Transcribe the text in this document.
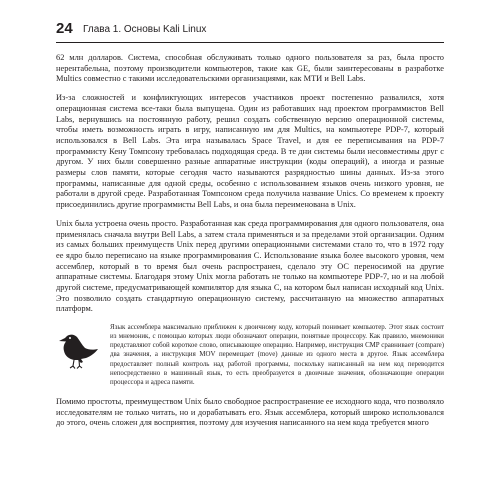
24 Глава 1. Основы Kali Linux

62 млн долларов. Система, способная обслуживать только одного пользователя за раз, была просто нерентабельна, поэтому производители компьютеров, такие как GE, были заинтересованы в разработке Multics совместно с такими исследовательскими организациями, как МТИ и Bell Labs.

Из-за сложностей и конфликтующих интересов участников проект постепенно развалился, хотя операционная система все-таки была выпущена. Один из работавших над проектом программистов Bell Labs, вернувшись на постоянную работу, решил создать собственную версию операционной системы, чтобы иметь возможность играть в игру, написанную им для Multics, на компьютере PDP-7, который использовался в Bell Labs. Эта игра называлась Space Travel, и для ее переписывания на PDP-7 программисту Кену Томпсону требовалась подходящая среда. В те дни системы были несовместимы друг с другом. У них были совершенно разные аппаратные инструкции (коды операций), а иногда и разные размеры слов памяти, которые сегодня часто называются разрядностью шины данных. Из-за этого программы, написанные для одной среды, особенно с использованием языков очень низкого уровня, не работали в другой среде. Разработанная Томпсоном среда получила название Unics. Со временем к проекту присоединились другие программисты Bell Labs, и она была переименована в Unix.

Unix была устроена очень просто. Разработанная как среда программирования для одного пользователя, она применялась сначала внутри Bell Labs, а затем стала применяться и за пределами этой организации. Одним из самых больших преимуществ Unix перед другими операционными системами стало то, что в 1972 году ее ядро было переписано на языке программирования С. Использование языка более высокого уровня, чем ассемблер, который в то время был очень распространен, сделало эту ОС переносимой на другие аппаратные системы. Благодаря этому Unix могла работать не только на компьютере PDP-7, но и на любой другой системе, предусматривающей компилятор для языка С, на котором был написан исходный код Unix. Это позволило создать стандартную операционную систему, рассчитанную на множество аппаратных платформ.

Язык ассемблера максимально приближен к двоичному коду, который понимает компьютер. Этот язык состоит из мнемоник, с помощью которых люди обозначают операции, понятные процессору. Как правило, мнемоники представляют собой короткое слово, описывающее операцию. Например, инструкция CMP сравнивает (compare) два значения, а инструкция MOV перемещает (move) данные из одного места в другое. Язык ассемблера предоставляет полный контроль над работой программы, поскольку написанный на нем код переводится непосредственно в машинный язык, то есть преобразуется в двоичные значения, обозначающие операции процессора и адреса памяти.

Помимо простоты, преимуществом Unix было свободное распространение ее исходного кода, что позволяло исследователям не только читать, но и дорабатывать его. Язык ассемблера, который широко использовался до этого, очень сложен для восприятия, поэтому для изучения написанного на нем кода требуется много
